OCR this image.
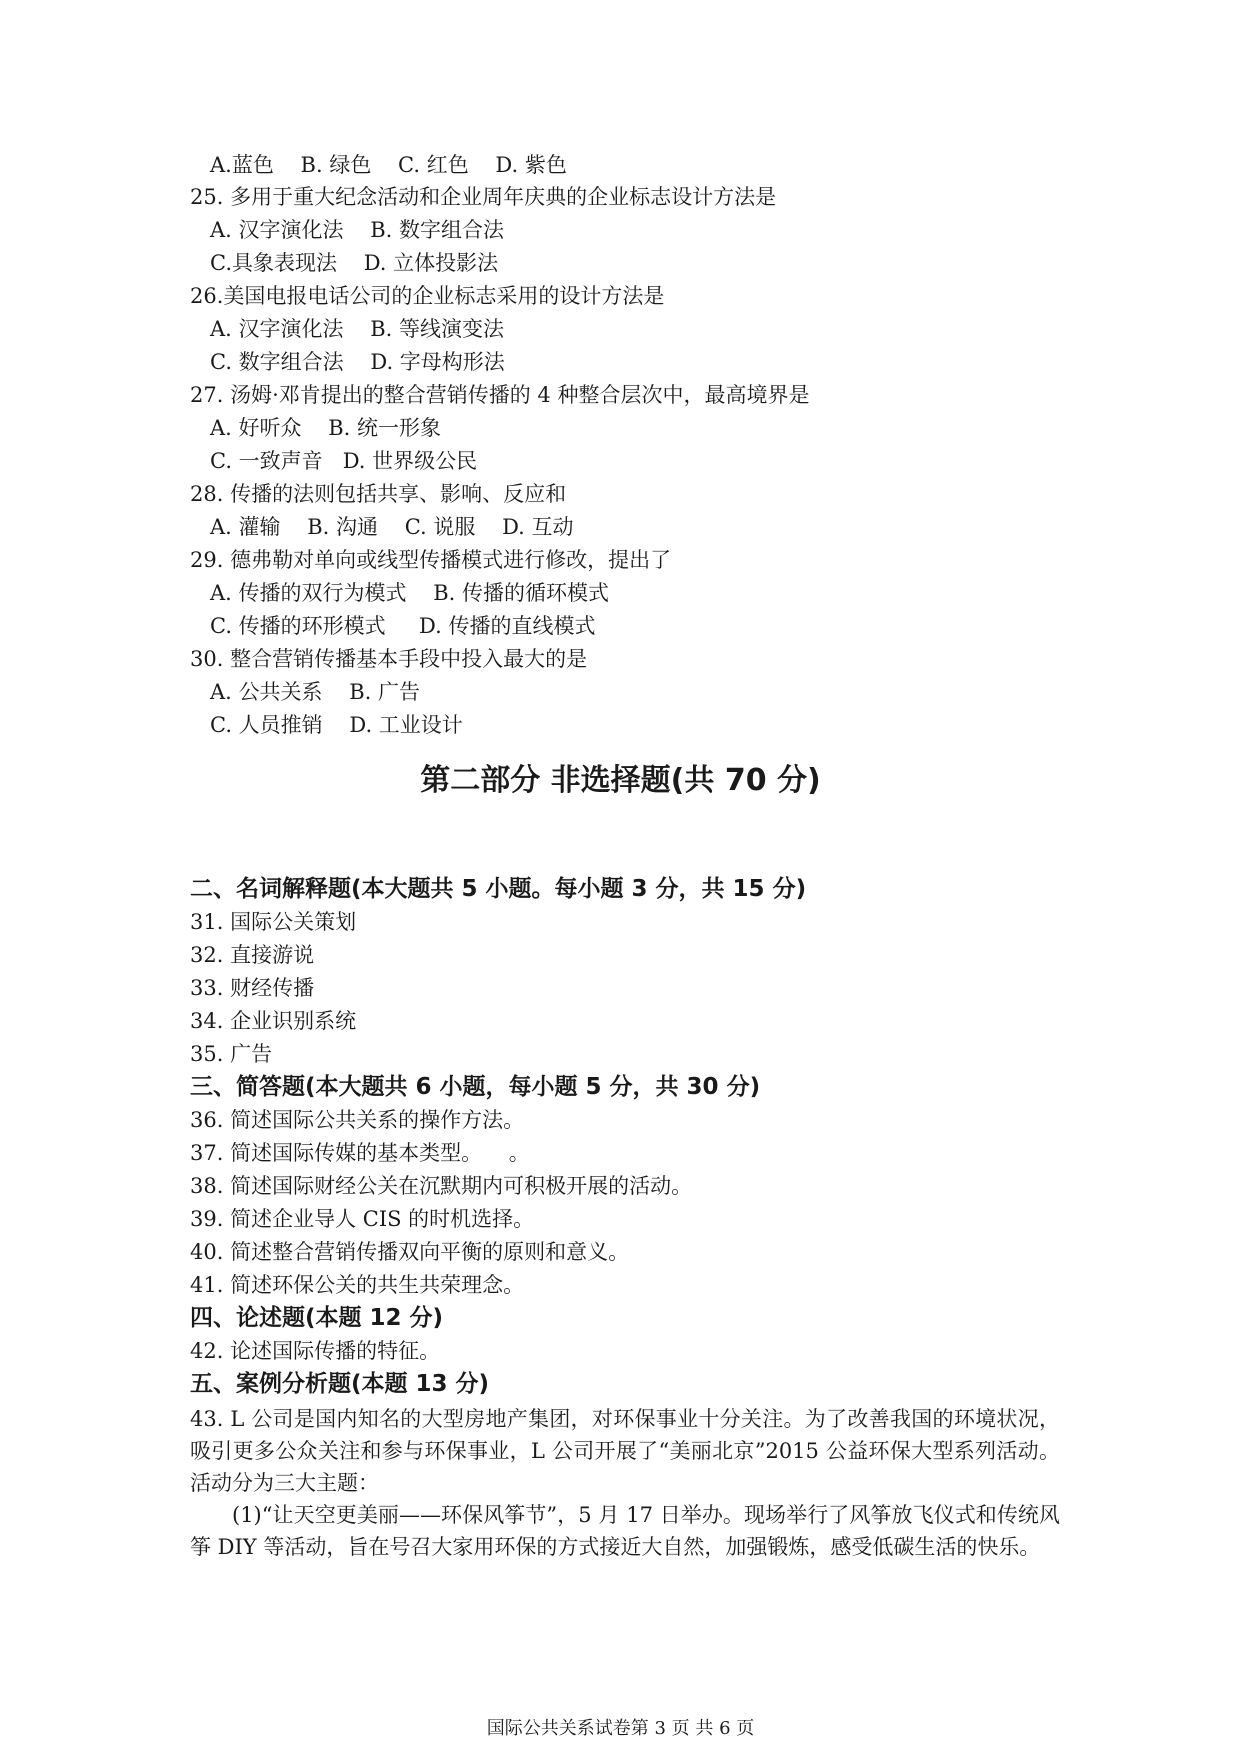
A.蓝色    B. 绿色    C. 红色    D. 紫色
25. 多用于重大纪念活动和企业周年庆典的企业标志设计方法是
A. 汉字演化法    B. 数字组合法
C.具象表现法    D. 立体投影法
26.美国电报电话公司的企业标志采用的设计方法是
A. 汉字演化法    B. 等线演变法
C. 数字组合法    D. 字母构形法
27. 汤姆·邓肯提出的整合营销传播的 4 种整合层次中，最高境界是
A. 好听众    B. 统一形象
C. 一致声音   D. 世界级公民
28. 传播的法则包括共享、影响、反应和
A. 灌输    B. 沟通    C. 说服    D. 互动
29. 德弗勒对单向或线型传播模式进行修改，提出了
A. 传播的双行为模式    B. 传播的循环模式
C. 传播的环形模式     D. 传播的直线模式
30. 整合营销传播基本手段中投入最大的是
A. 公共关系    B. 广告
C. 人员推销    D. 工业设计
第二部分 非选择题(共 70 分)
二、名词解释题(本大题共 5 小题。每小题 3 分，共 15 分)
31. 国际公关策划
32. 直接游说
33. 财经传播
34. 企业识别系统
35. 广告
三、简答题(本大题共 6 小题，每小题 5 分，共 30 分)
36. 简述国际公共关系的操作方法。
37. 简述国际传媒的基本类型。    。
38. 简述国际财经公关在沉默期内可积极开展的活动。
39. 简述企业导人 CIS 的时机选择。
40. 简述整合营销传播双向平衡的原则和意义。
41. 简述环保公关的共生共荣理念。
四、论述题(本题 12 分)
42. 论述国际传播的特征。
五、案例分析题(本题 13 分)
43. L 公司是国内知名的大型房地产集团，对环保事业十分关注。为了改善我国的环境状况，吸引更多公众关注和参与环保事业，L 公司开展了“美丽北京”2015 公益环保大型系列活动。活动分为三大主题：
(1)“让天空更美丽——环保风筝节”，5 月 17 日举办。现场举行了风筝放飞仪式和传统风筝 DIY 等活动，旨在号召大家用环保的方式接近大自然，加强锻炼，感受低碳生活的快乐。
国际公共关系试卷第 3 页 共 6 页
